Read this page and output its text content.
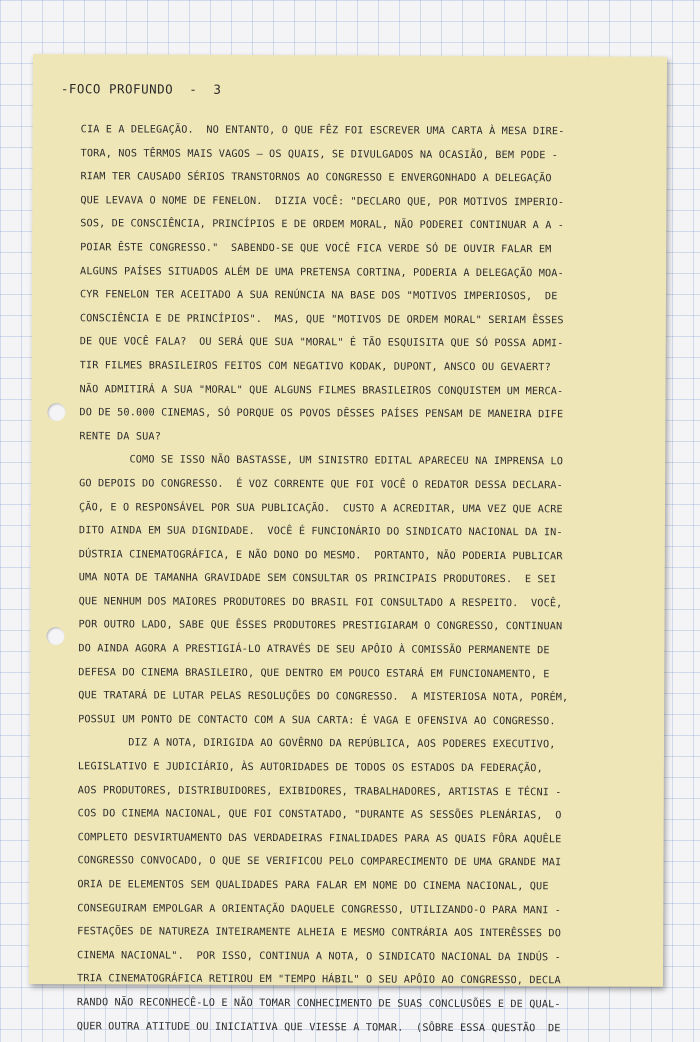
-FOCO PROFUNDO  -  3
CIA E A DELEGAÇÃO.  NO ENTANTO, O QUE FÊZ FOI ESCREVER UMA CARTA À MESA DIRE-
TORA, NOS TÊRMOS MAIS VAGOS — OS QUAIS, SE DIVULGADOS NA OCASIÃO, BEM PODE -
RIAM TER CAUSADO SÉRIOS TRANSTORNOS AO CONGRESSO E ENVERGONHADO A DELEGAÇÃO
QUE LEVAVA O NOME DE FENELON.  DIZIA VOCÊ: "DECLARO QUE, POR MOTIVOS IMPERIO-
SOS, DE CONSCIÊNCIA, PRINCÍPIOS E DE ORDEM MORAL, NÃO PODEREI CONTINUAR A A -
POIAR ÊSTE CONGRESSO."  SABENDO-SE QUE VOCÊ FICA VERDE SÓ DE OUVIR FALAR EM
ALGUNS PAÍSES SITUADOS ALÉM DE UMA PRETENSA CORTINA, PODERIA A DELEGAÇÃO MOA-
CYR FENELON TER ACEITADO A SUA RENÚNCIA NA BASE DOS "MOTIVOS IMPERIOSOS,  DE
CONSCIÊNCIA E DE PRINCÍPIOS".  MAS, QUE "MOTIVOS DE ORDEM MORAL" SERIAM ÊSSES
DE QUE VOCÊ FALA?  OU SERÁ QUE SUA "MORAL" É TÃO ESQUISITA QUE SÓ POSSA ADMI-
TIR FILMES BRASILEIROS FEITOS COM NEGATIVO KODAK, DUPONT, ANSCO OU GEVAERT?
NÃO ADMITIRÁ A SUA "MORAL" QUE ALGUNS FILMES BRASILEIROS CONQUISTEM UM MERCA-
DO DE 50.000 CINEMAS, SÓ PORQUE OS POVOS DÊSSES PAÍSES PENSAM DE MANEIRA DIFE
RENTE DA SUA?
COMO SE ISSO NÃO BASTASSE, UM SINISTRO EDITAL APARECEU NA IMPRENSA LO
GO DEPOIS DO CONGRESSO.  É VOZ CORRENTE QUE FOI VOCÊ O REDATOR DESSA DECLARA-
ÇÃO, E O RESPONSÁVEL POR SUA PUBLICAÇÃO.  CUSTO A ACREDITAR, UMA VEZ QUE ACRE
DITO AINDA EM SUA DIGNIDADE.  VOCÊ É FUNCIONÁRIO DO SINDICATO NACIONAL DA IN-
DÚSTRIA CINEMATOGRÁFICA, E NÃO DONO DO MESMO.  PORTANTO, NÃO PODERIA PUBLICAR
UMA NOTA DE TAMANHA GRAVIDADE SEM CONSULTAR OS PRINCIPAIS PRODUTORES.  E SEI
QUE NENHUM DOS MAIORES PRODUTORES DO BRASIL FOI CONSULTADO A RESPEITO.  VOCÊ,
POR OUTRO LADO, SABE QUE ÊSSES PRODUTORES PRESTIGIARAM O CONGRESSO, CONTINUAN
DO AINDA AGORA A PRESTIGIÁ-LO ATRAVÉS DE SEU APÔIO À COMISSÃO PERMANENTE DE
DEFESA DO CINEMA BRASILEIRO, QUE DENTRO EM POUCO ESTARÁ EM FUNCIONAMENTO, E
QUE TRATARÁ DE LUTAR PELAS RESOLUÇÕES DO CONGRESSO.  A MISTERIOSA NOTA, PORÉM,
POSSUI UM PONTO DE CONTACTO COM A SUA CARTA: É VAGA E OFENSIVA AO CONGRESSO.
DIZ A NOTA, DIRIGIDA AO GOVÊRNO DA REPÚBLICA, AOS PODERES EXECUTIVO,
LEGISLATIVO E JUDICIÁRIO, ÀS AUTORIDADES DE TODOS OS ESTADOS DA FEDERAÇÃO,
AOS PRODUTORES, DISTRIBUIDORES, EXIBIDORES, TRABALHADORES, ARTISTAS E TÉCNI -
COS DO CINEMA NACIONAL, QUE FOI CONSTATADO, "DURANTE AS SESSÕES PLENÁRIAS,  O
COMPLETO DESVIRTUAMENTO DAS VERDADEIRAS FINALIDADES PARA AS QUAIS FÔRA AQUÊLE
CONGRESSO CONVOCADO, O QUE SE VERIFICOU PELO COMPARECIMENTO DE UMA GRANDE MAI
ORIA DE ELEMENTOS SEM QUALIDADES PARA FALAR EM NOME DO CINEMA NACIONAL, QUE
CONSEGUIRAM EMPOLGAR A ORIENTAÇÃO DAQUELE CONGRESSO, UTILIZANDO-O PARA MANI -
FESTAÇÕES DE NATUREZA INTEIRAMENTE ALHEIA E MESMO CONTRÁRIA AOS INTERÊSSES DO
CINEMA NACIONAL".  POR ISSO, CONTINUA A NOTA, O SINDICATO NACIONAL DA INDÚS -
TRIA CINEMATOGRÁFICA RETIROU EM "TEMPO HÁBIL" O SEU APÔIO AO CONGRESSO, DECLA
RANDO NÃO RECONHECÊ-LO E NÃO TOMAR CONHECIMENTO DE SUAS CONCLUSÕES E DE QUAL-
QUER OUTRA ATITUDE OU INICIATIVA QUE VIESSE A TOMAR.  (SÔBRE ESSA QUESTÃO  DE
